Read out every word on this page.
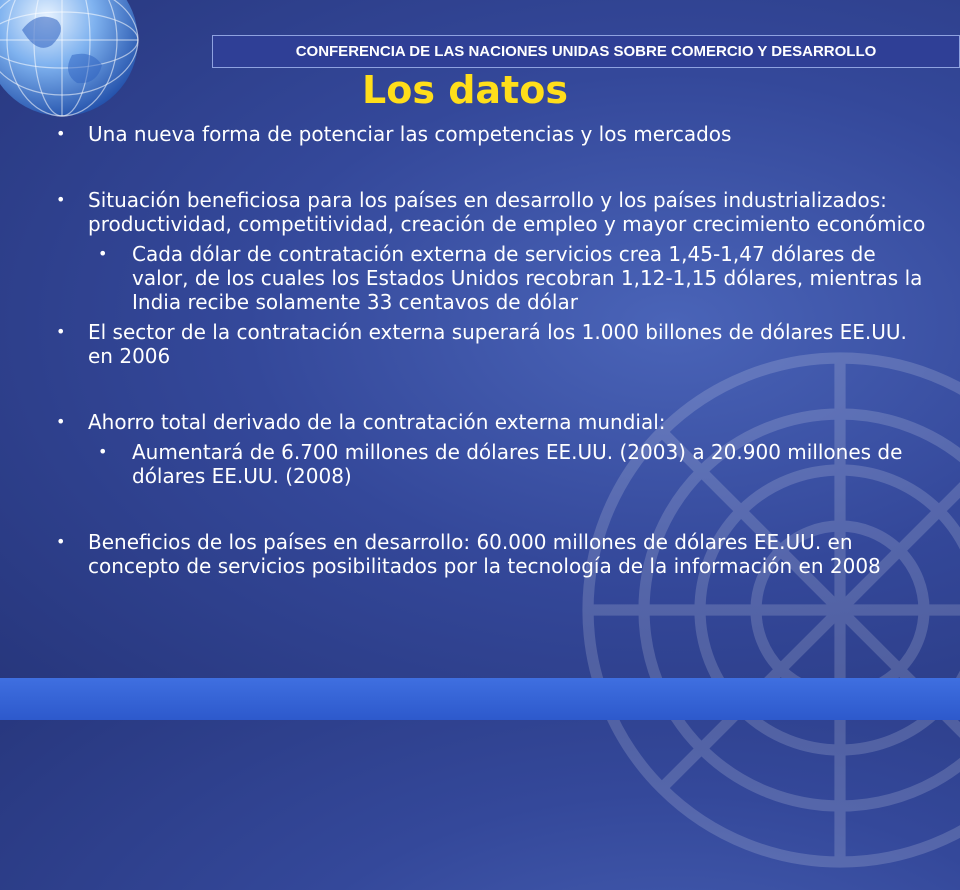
CONFERENCIA DE LAS NACIONES UNIDAS SOBRE COMERCIO Y DESARROLLO
Los datos

• Una nueva forma de potenciar las competencias y los mercados

• Situación beneficiosa para los países en desarrollo y los países industrializados: productividad, competitividad, creación de empleo y mayor crecimiento económico

• Cada dólar de contratación externa de servicios crea 1,45-1,47 dólares de valor, de los cuales los Estados Unidos recobran 1,12-1,15 dólares, mientras la India recibe solamente 33 centavos de dólar

• El sector de la contratación externa superará los 1.000 billones de dólares EE.UU. en 2006

• Ahorro total derivado de la contratación externa mundial:

• Aumentará de 6.700 millones de dólares EE.UU. (2003) a 20.900 millones de dólares EE.UU. (2008)

• Beneficios de los países en desarrollo: 60.000 millones de dólares EE.UU. en concepto de servicios posibilitados por la tecnología de la información en 2008
